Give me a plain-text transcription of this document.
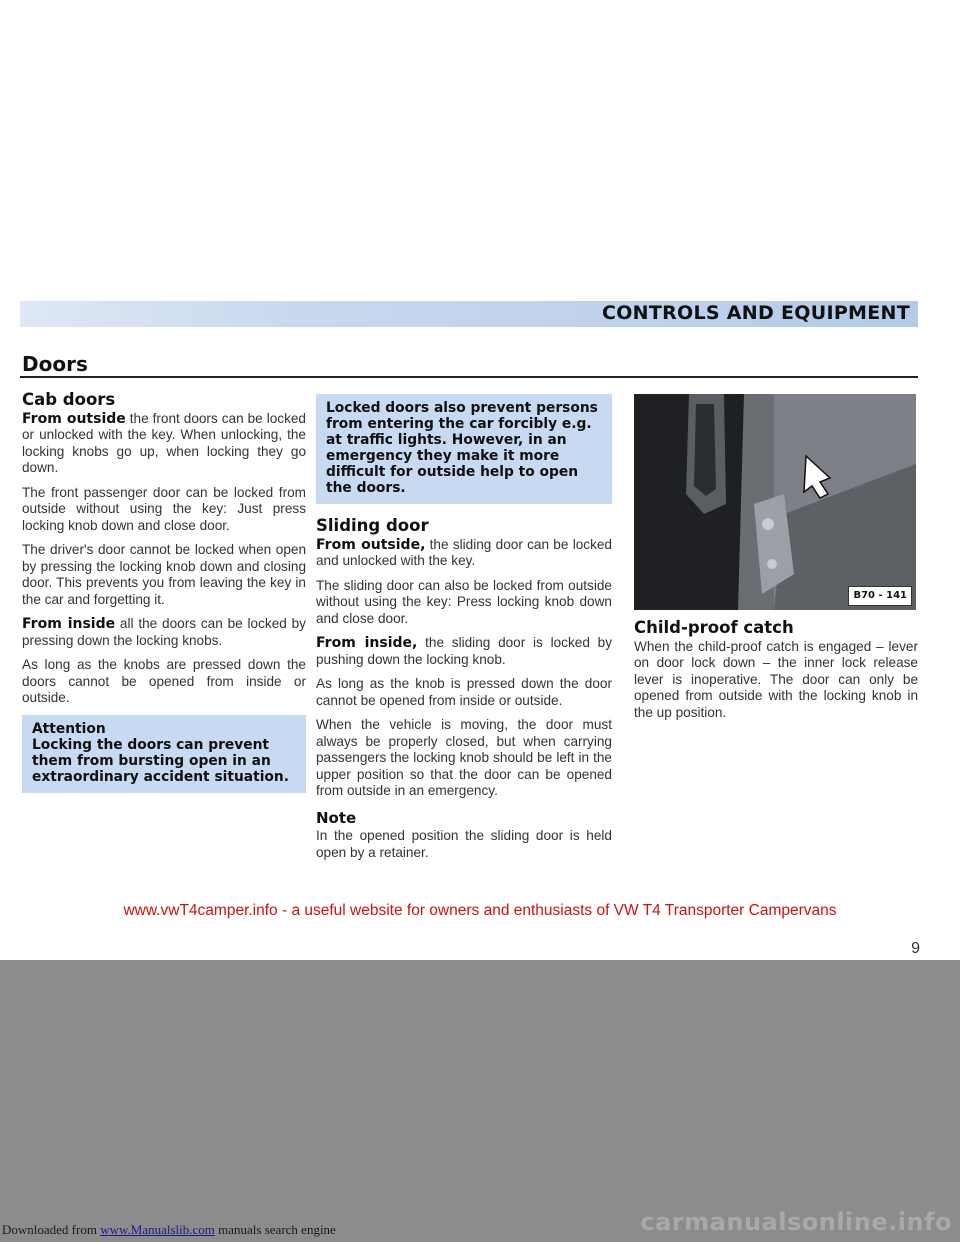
CONTROLS AND EQUIPMENT
Doors
Cab doors

From outside the front doors can be locked or unlocked with the key. When unlocking, the locking knobs go up, when locking they go down.

The front passenger door can be locked from outside without using the key: Just press locking knob down and close door.

The driver's door cannot be locked when open by pressing the locking knob down and closing door. This prevents you from leaving the key in the car and forgetting it.

From inside all the doors can be locked by pressing down the locking knobs.

As long as the knobs are pressed down the doors cannot be opened from inside or outside.

Attention
Locking the doors can prevent them from bursting open in an extraordinary accident situation.
Locked doors also prevent persons from entering the car forcibly e.g. at traffic lights. However, in an emergency they make it more difficult for outside help to open the doors.
Sliding door

From outside, the sliding door can be locked and unlocked with the key.

The sliding door can also be locked from outside without using the key: Press locking knob down and close door.

From inside, the sliding door is locked by pushing down the locking knob.

As long as the knob is pressed down the door cannot be opened from inside or outside.

When the vehicle is moving, the door must always be properly closed, but when carrying passengers the locking knob should be left in the upper position so that the door can be opened from outside in an emergency.

Note

In the opened position the sliding door is held open by a retainer.

B70 - 141
Child-proof catch

When the child-proof catch is engaged – lever on door lock down – the inner lock release lever is inoperative. The door can only be opened from outside with the locking knob in the up position.

www.vwT4camper.info - a useful website for owners and enthusiasts of VW T4 Transporter Campervans
9
Downloaded from www.Manualslib.com manuals search engine	carmanualsonline.info
